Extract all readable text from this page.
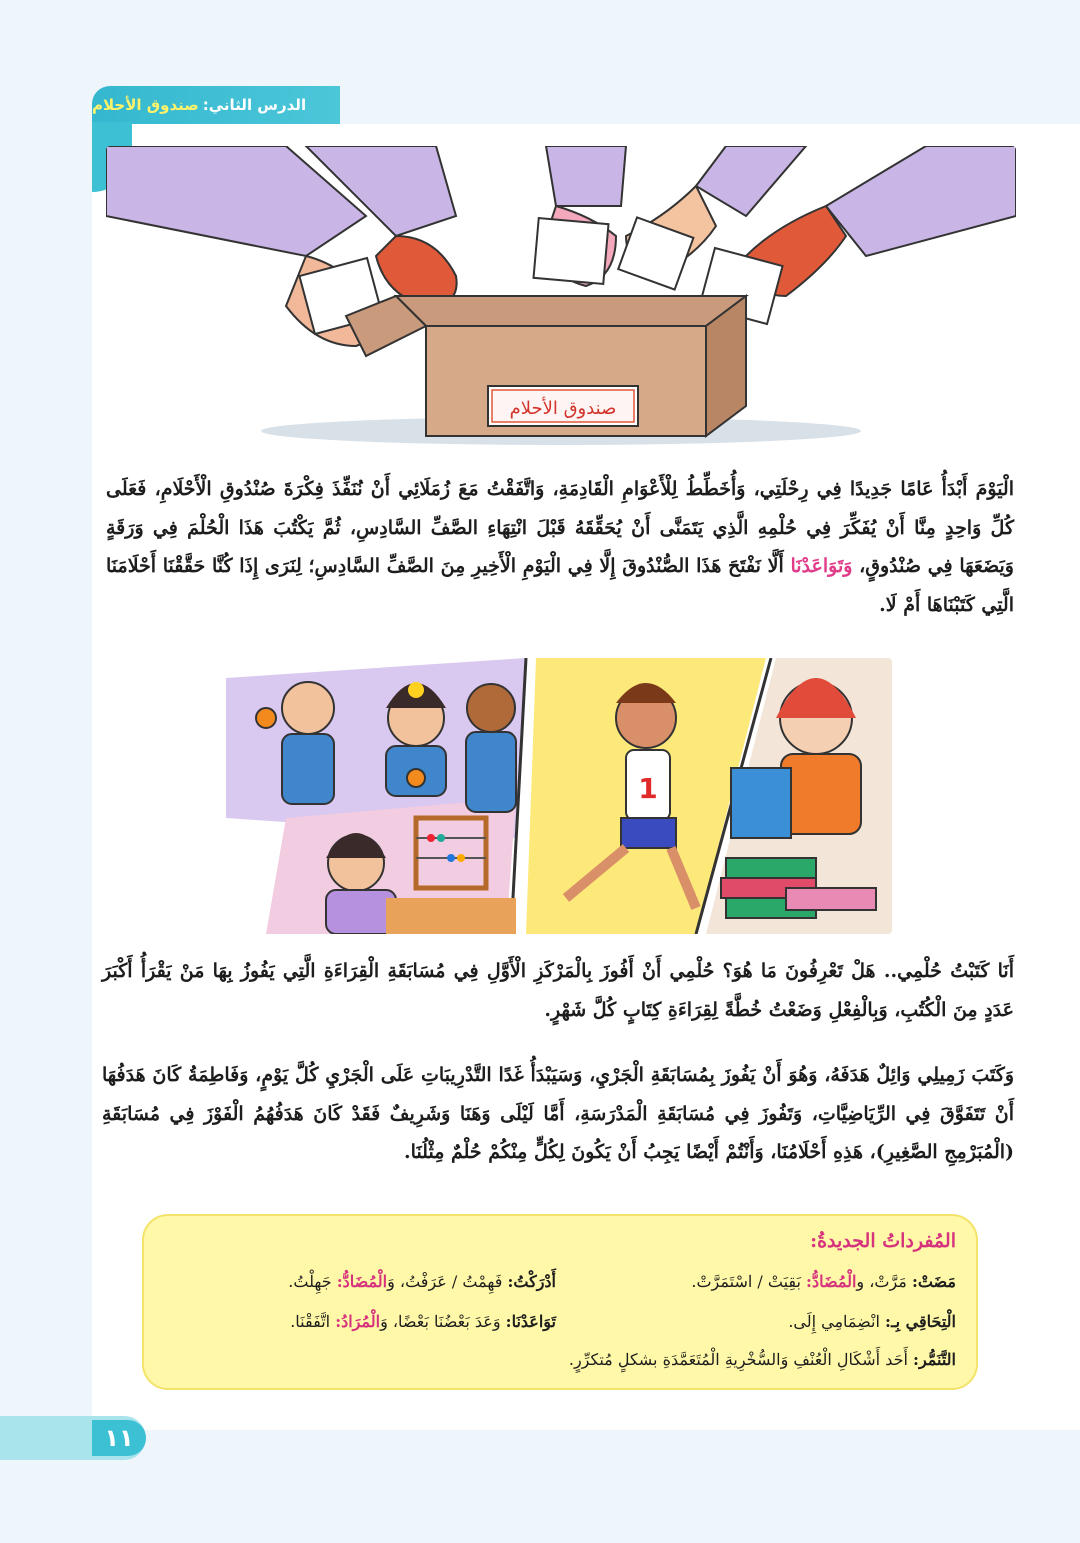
الدرس الثاني:
صندوق الأحلام
صندوق الأحلام

الْيَوْمَ أَبْدَأُ عَامًا جَدِيدًا فِي رِحْلَتِي، وَأُخَطِّطُ لِلْأَعْوَامِ الْقَادِمَةِ، وَاتَّفَقْتُ مَعَ زُمَلَائِي أَنْ نُنَفِّذَ فِكْرَةَ صُنْدُوقِ الْأَحْلَامِ، فَعَلَى كُلِّ وَاحِدٍ مِنَّا أَنْ يُفَكِّرَ فِي حُلْمِهِ الَّذِي يَتَمَنَّى أَنْ يُحَقِّقَهُ قَبْلَ انْتِهَاءِ الصَّفِّ السَّادِسِ، ثُمَّ يَكْتُبَ هَذَا الْحُلْمَ فِي وَرَقَةٍ وَيَضَعَهَا فِي صُنْدُوقٍ، وَتَوَاعَدْنَا أَلَّا نَفْتَحَ هَذَا الصُّنْدُوقَ إِلَّا فِي الْيَوْمِ الْأَخِيرِ مِنَ الصَّفِّ السَّادِسِ؛ لِنَرَى إِذَا كُنَّا حَقَّقْنَا أَحْلَامَنَا الَّتِي كَتَبْنَاهَا أَمْ لَا.

1

أَنَا كَتَبْتُ حُلْمِي.. هَلْ تَعْرِفُونَ مَا هُوَ؟ حُلْمِي أَنْ أَفُوزَ بِالْمَرْكَزِ الْأَوَّلِ فِي مُسَابَقَةِ الْقِرَاءَةِ الَّتِي يَفُوزُ بِهَا مَنْ يَقْرَأُ أَكْبَرَ عَدَدٍ مِنَ الْكُتُبِ، وَبِالْفِعْلِ وَضَعْتُ خُطَّةً لِقِرَاءَةِ كِتَابٍ كُلَّ شَهْرٍ.

وَكَتَبَ زَمِيلِي وَائِلٌ هَدَفَهُ، وَهُوَ أَنْ يَفُوزَ بِمُسَابَقَةِ الْجَرْيِ، وَسَيَبْدَأُ غَدًا التَّدْرِيبَاتِ عَلَى الْجَرْيِ كُلَّ يَوْمٍ، وَفَاطِمَةُ كَانَ هَدَفُهَا أَنْ تَتَفَوَّقَ فِي الرِّيَاضِيَّاتِ، وَتَفُوزَ فِي مُسَابَقَةِ الْمَدْرَسَةِ، أَمَّا لَيْلَى وَهَنَا وَشَرِيفٌ فَقَدْ كَانَ هَدَفُهُمُ الْفَوْزَ فِي مُسَابَقَةِ (الْمُبَرْمِجِ الصَّغِيرِ)، هَذِهِ أَحْلَامُنَا، وَأَنْتُمْ أَيْضًا يَجِبُ أَنْ يَكُونَ لِكُلٍّ مِنْكُمْ حُلْمٌ مِثْلُنَا.

المُفرداتُ الجديدةُ:
مَضَتْ: مَرَّتْ، والْمُضَادُّ: بَقِيَتْ / اسْتَمَرَّتْ.
أَدْرَكْتُ: فَهِمْتُ / عَرَفْتُ، وَالْمُضَادُّ: جَهِلْتُ.
الْتِحَاقِي بِـ: انْضِمَامِي إِلَى.
تَوَاعَدْنَا: وَعَدَ بَعْضُنَا بَعْضًا، وَالْمُرَادُ: اتَّفَقْنَا.
التَّنَمُّر: أَحَد أَشْكَالِ الْعُنْفِ وَالسُّخْرِيةِ الْمُتَعَمَّدَةِ بشكلٍ مُتكرِّرٍ.
١١
